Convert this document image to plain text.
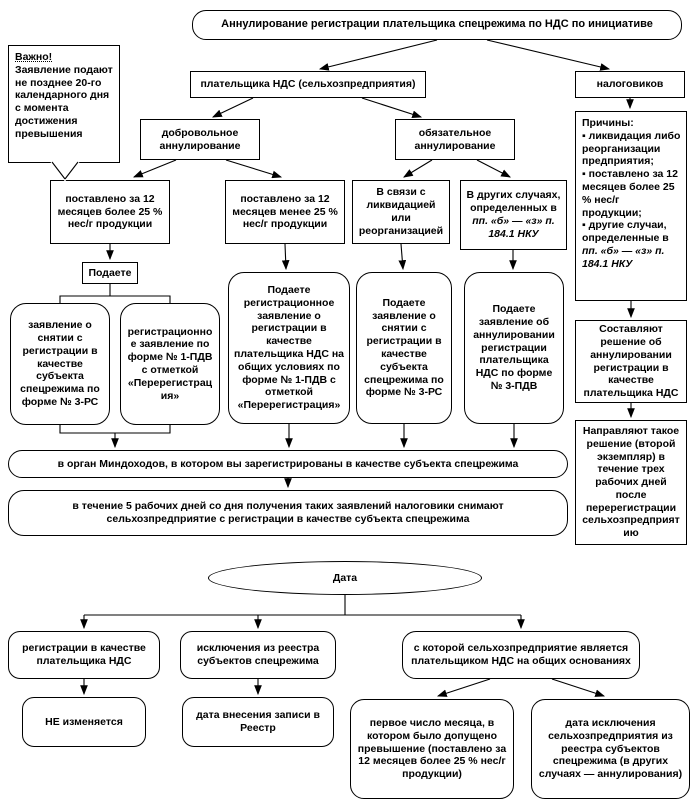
Аннулирование регистрации плательщика спецрежима по НДС по инициативе
Важно!
Заявление подают не позднее 20-го календарного дня с момента достижения превышения
плательщика НДС (сельхозпредприятия)	налоговиков
добровольное аннулирование
обязательное аннулирование
поставлено за 12 месяцев более 25 % нес/г продукции
поставлено за 12 месяцев менее 25 % нес/г продукции
В связи с ликвидацией или реорганизацией
В других случаях, определенных в пп. «б» — «з» п. 184.1 НКУ
Подаете
заявление о снятии с регистрации в качестве субъекта спецрежима по форме № 3-РС
регистрационное заявление по форме № 1-ПДВ с отметкой «Перерегистрация»
Подаете регистрационное заявление о регистрации в качестве плательщика НДС на общих условиях по форме № 1-ПДВ с отметкой «Перерегистрация»
Подаете заявление о снятии с регистрации в качестве субъекта спецрежима по форме № 3-РС
Подаете заявление об аннулировании регистрации плательщика НДС по форме № 3-ПДВ
Причины:
▪ ликвидация либо реорганизации предприятия;
▪ поставлено за 12 месяцев более 25 % нес/г продукции;
▪ другие случаи, определенные в пп. «б» — «з» п. 184.1 НКУ
Составляют решение об аннулировании регистрации в качестве плательщика НДС
Направляют такое решение (второй экземпляр) в течение трех рабочих дней после перерегистрации сельхозпредприятию
в орган Миндоходов, в котором вы зарегистрированы в качестве субъекта спецрежима
в течение 5 рабочих дней со дня получения таких заявлений налоговики снимают сельхозпредприятие с регистрации в качестве субъекта спецрежима
Дата
регистрации в качестве плательщика НДС
исключения из реестра субъектов спецрежима
с которой сельхозпредприятие является плательщиком НДС на общих основаниях
НЕ изменяется
дата внесения записи в Реестр	первое число месяца, в котором было допущено превышение (поставлено за 12 месяцев более 25 % нес/г продукции)
дата исключения сельхозпредприятия из реестра субъектов спецрежима (в других случаях — аннулирования)
